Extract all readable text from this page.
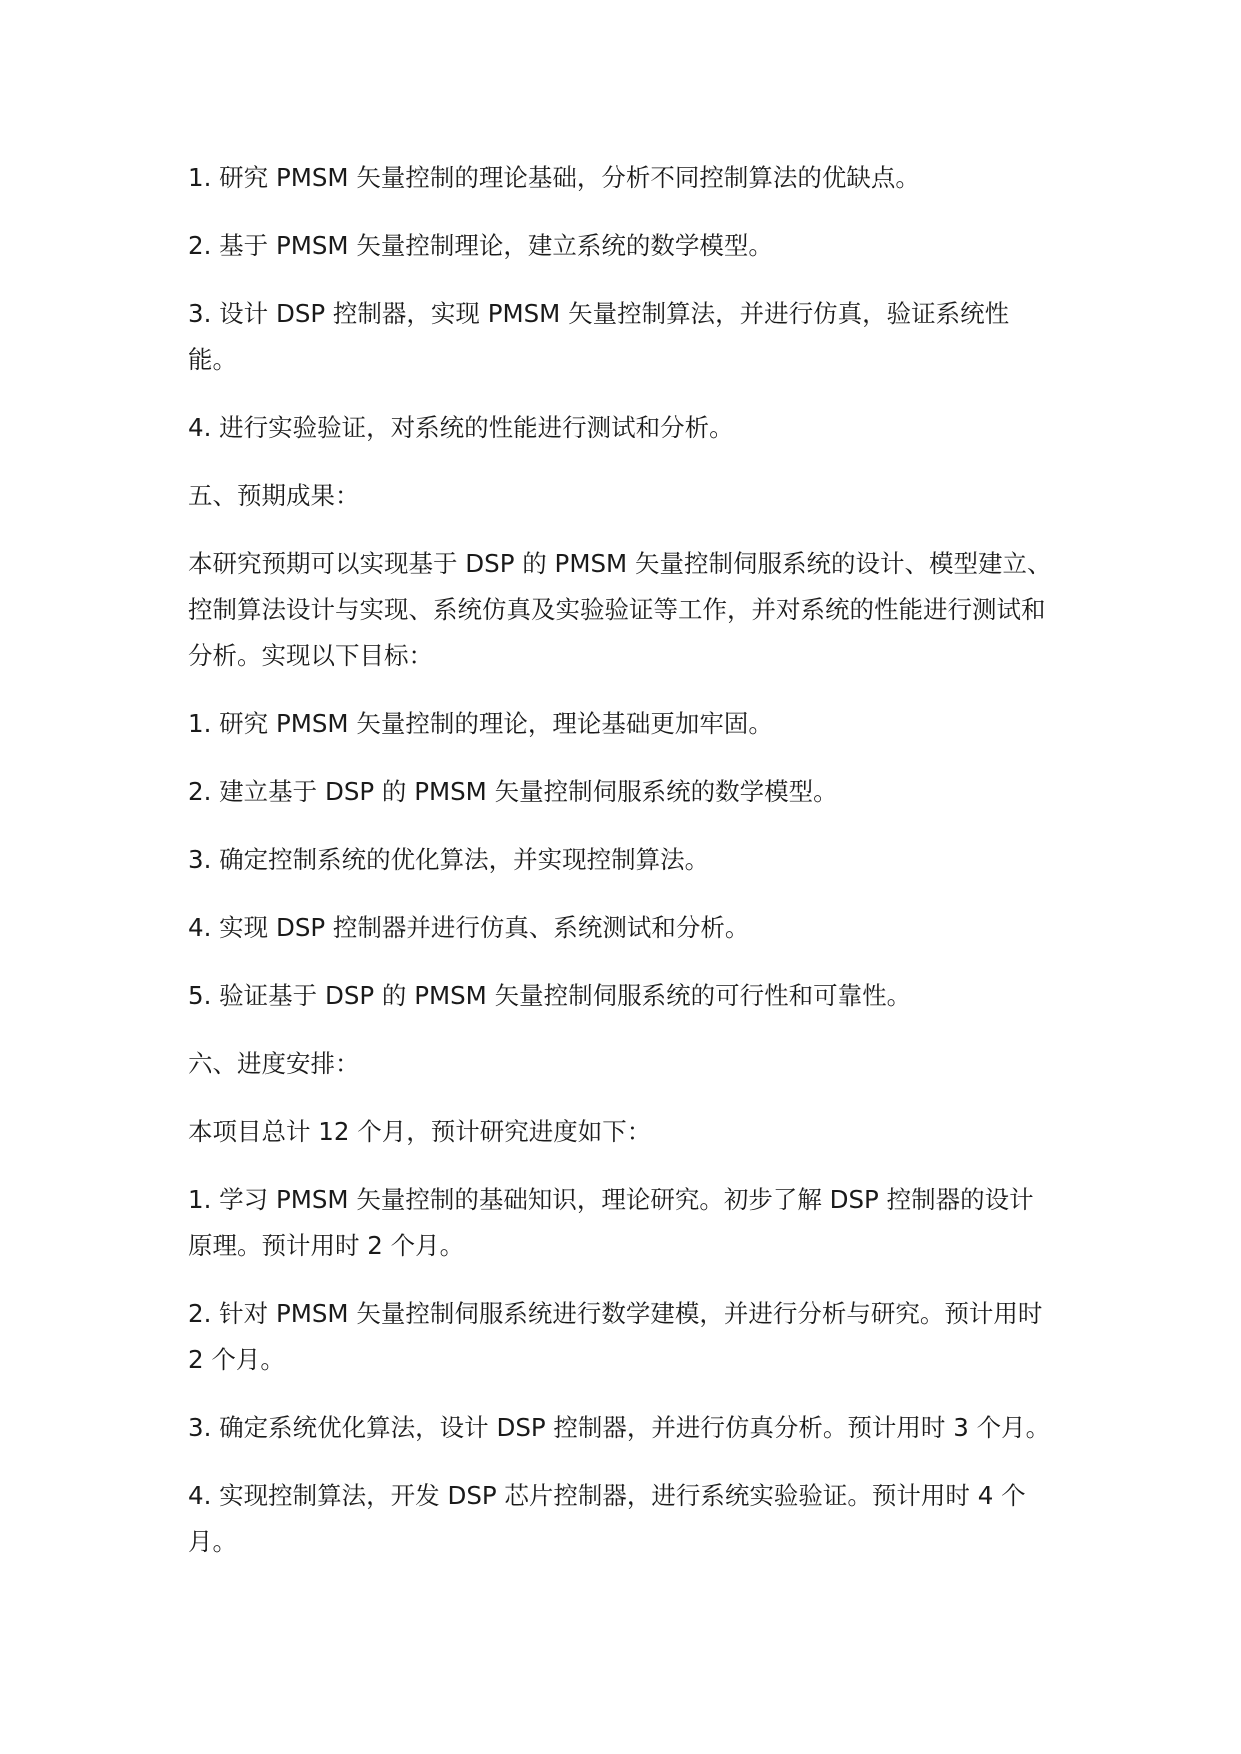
1. 研究 PMSM 矢量控制的理论基础，分析不同控制算法的优缺点。

2. 基于 PMSM 矢量控制理论，建立系统的数学模型。

3. 设计 DSP 控制器，实现 PMSM 矢量控制算法，并进行仿真，验证系统性能。

4. 进行实验验证，对系统的性能进行测试和分析。

五、预期成果：

本研究预期可以实现基于 DSP 的 PMSM 矢量控制伺服系统的设计、模型建立、控制算法设计与实现、系统仿真及实验验证等工作，并对系统的性能进行测试和分析。实现以下目标：

1. 研究 PMSM 矢量控制的理论，理论基础更加牢固。

2. 建立基于 DSP 的 PMSM 矢量控制伺服系统的数学模型。

3. 确定控制系统的优化算法，并实现控制算法。

4. 实现 DSP 控制器并进行仿真、系统测试和分析。

5. 验证基于 DSP 的 PMSM 矢量控制伺服系统的可行性和可靠性。

六、进度安排：

本项目总计 12 个月，预计研究进度如下：

1. 学习 PMSM 矢量控制的基础知识，理论研究。初步了解 DSP 控制器的设计原理。预计用时 2 个月。

2. 针对 PMSM 矢量控制伺服系统进行数学建模，并进行分析与研究。预计用时 2 个月。

3. 确定系统优化算法，设计 DSP 控制器，并进行仿真分析。预计用时 3 个月。

4. 实现控制算法，开发 DSP 芯片控制器，进行系统实验验证。预计用时 4 个月。
